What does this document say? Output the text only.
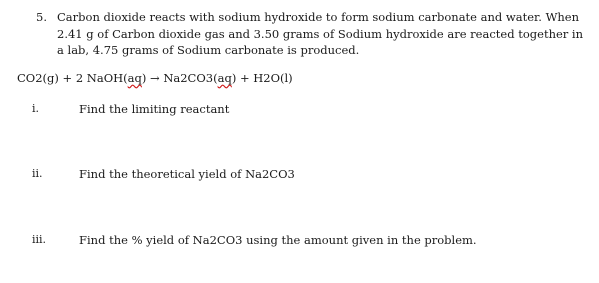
5. Carbon dioxide reacts with sodium hydroxide to form sodium carbonate and water. When 2.41 g of Carbon dioxide gas and 3.50 grams of Sodium hydroxide are reacted together in a lab, 4.75 grams of Sodium carbonate is produced.
CO2(g) + 2 NaOH(aq) → Na2CO3(aq) + H2O(l)
i.	Find the limiting reactant
ii.	Find the theoretical yield of Na2CO3
iii.	Find the % yield of Na2CO3 using the amount given in the problem.
